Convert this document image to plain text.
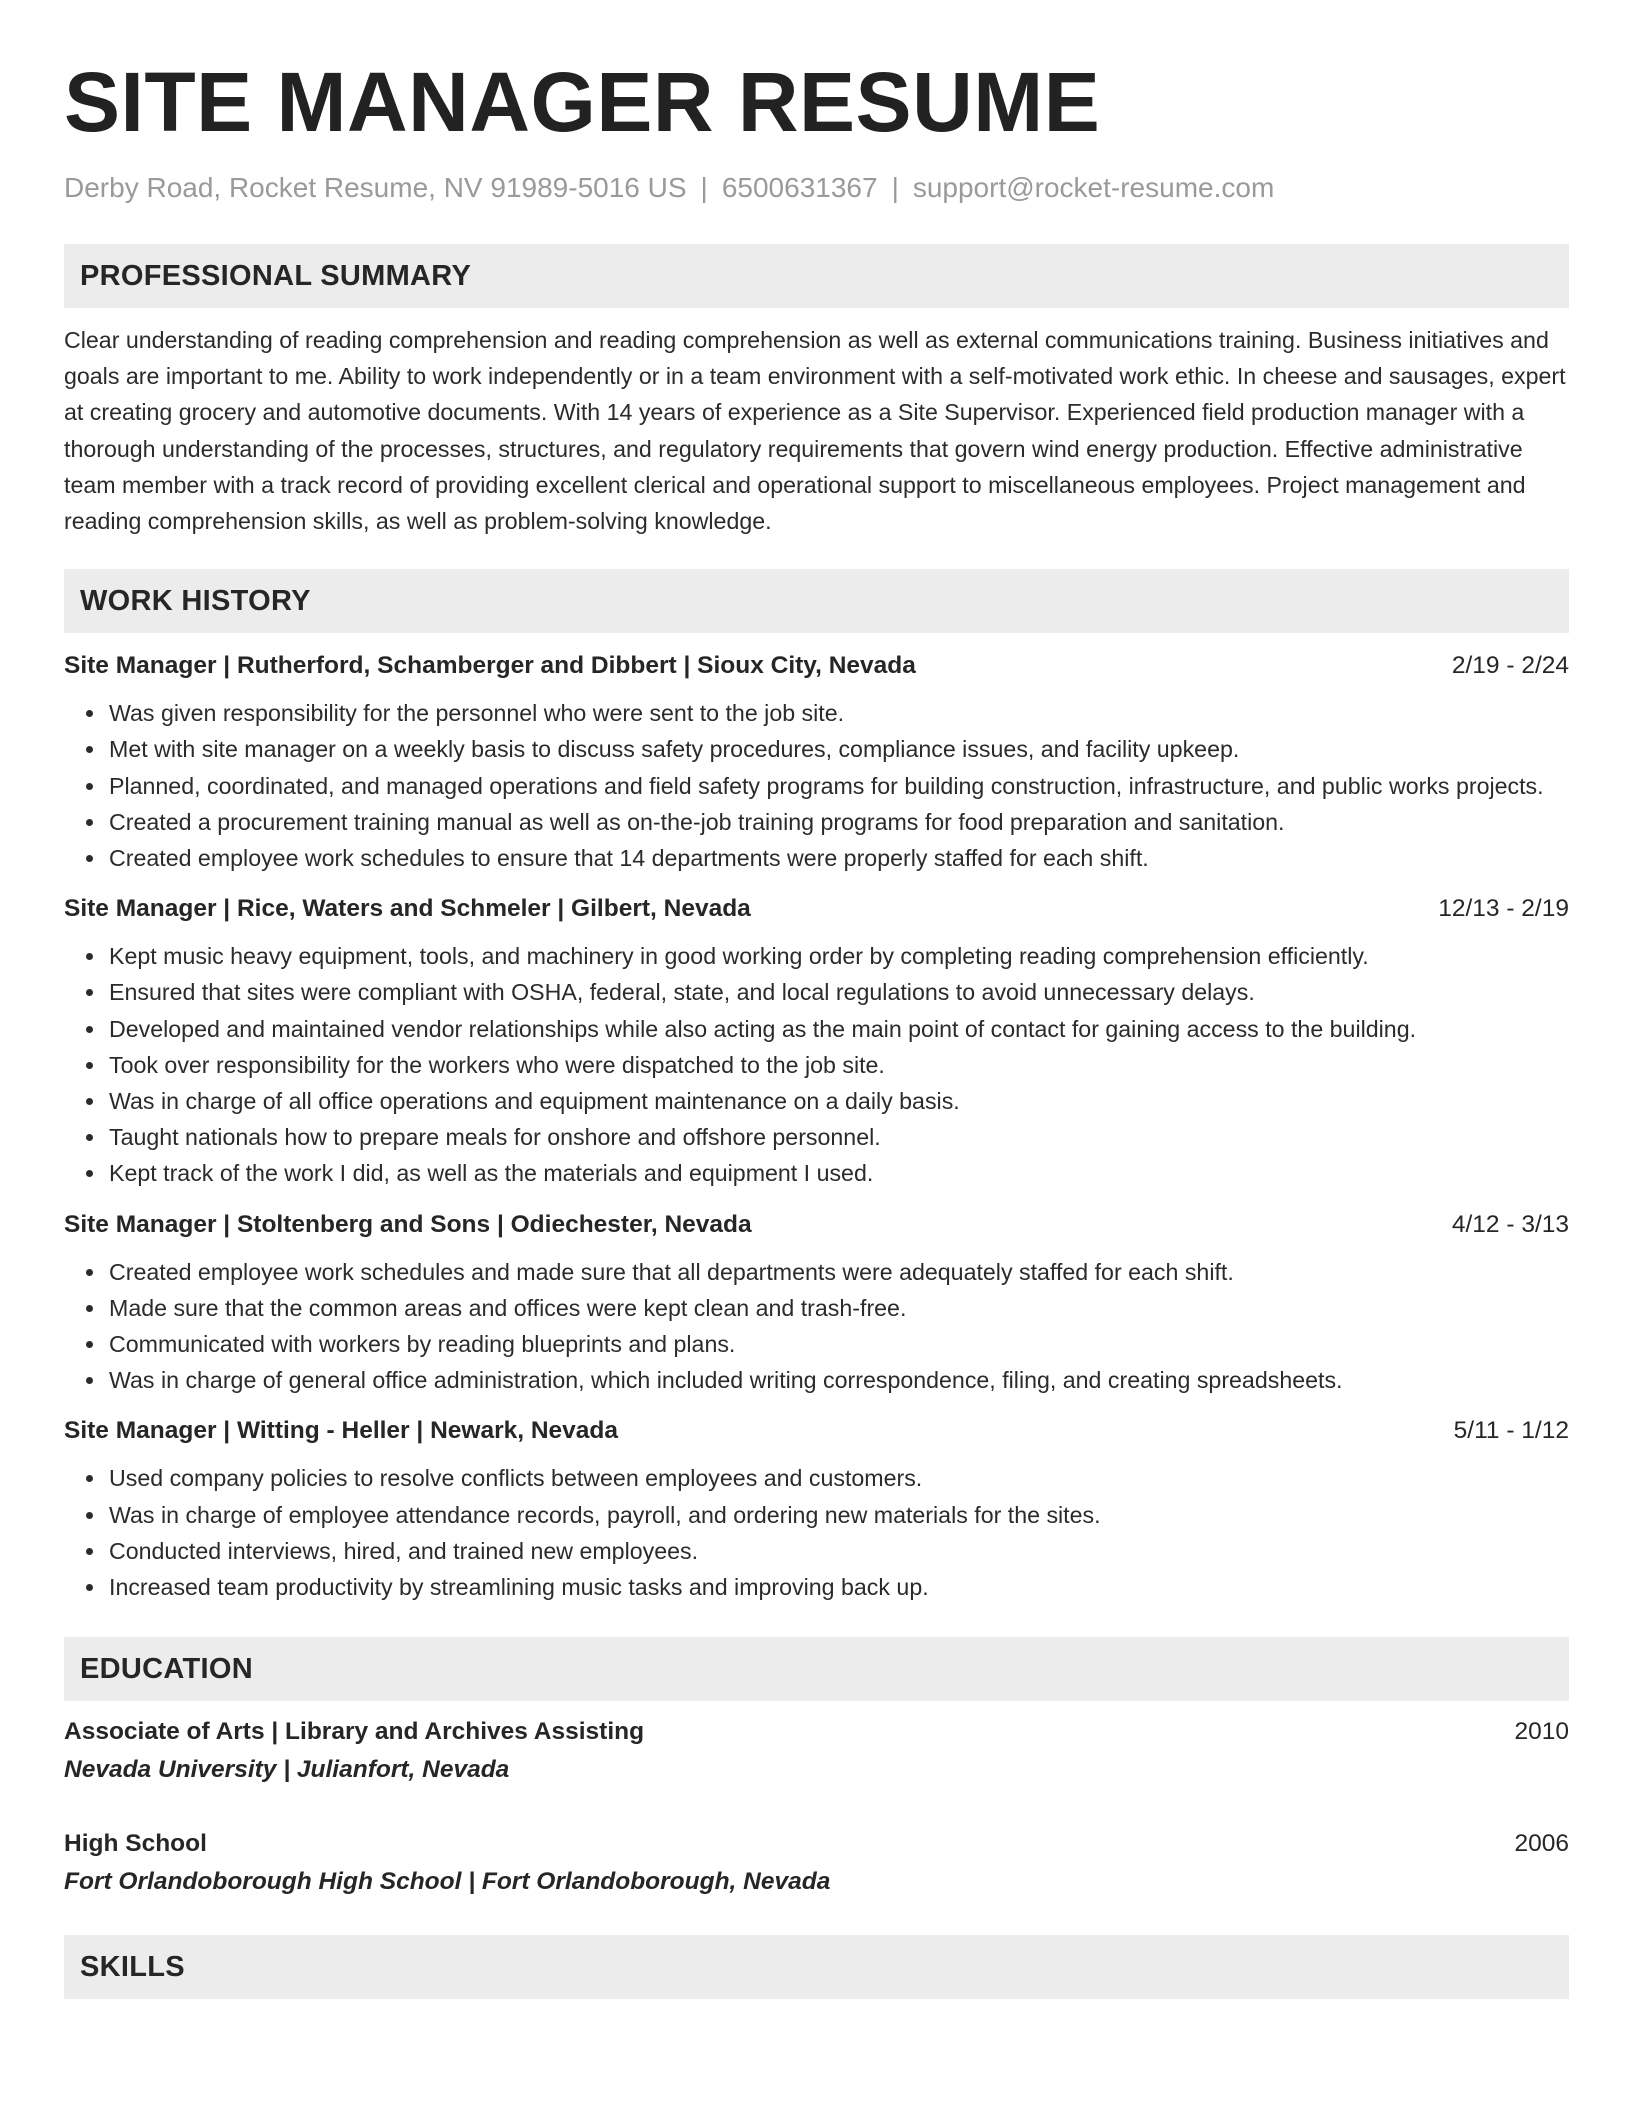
SITE MANAGER RESUME
Derby Road, Rocket Resume, NV 91989-5016 US | 6500631367 | support@rocket-resume.com
PROFESSIONAL SUMMARY
Clear understanding of reading comprehension and reading comprehension as well as external communications training. Business initiatives and goals are important to me. Ability to work independently or in a team environment with a self-motivated work ethic. In cheese and sausages, expert at creating grocery and automotive documents. With 14 years of experience as a Site Supervisor. Experienced field production manager with a thorough understanding of the processes, structures, and regulatory requirements that govern wind energy production. Effective administrative team member with a track record of providing excellent clerical and operational support to miscellaneous employees. Project management and reading comprehension skills, as well as problem-solving knowledge.
WORK HISTORY
Site Manager | Rutherford, Schamberger and Dibbert | Sioux City, Nevada	2/19 - 2/24
• Was given responsibility for the personnel who were sent to the job site.
• Met with site manager on a weekly basis to discuss safety procedures, compliance issues, and facility upkeep.
• Planned, coordinated, and managed operations and field safety programs for building construction, infrastructure, and public works projects.
• Created a procurement training manual as well as on-the-job training programs for food preparation and sanitation.
• Created employee work schedules to ensure that 14 departments were properly staffed for each shift.
Site Manager | Rice, Waters and Schmeler | Gilbert, Nevada	12/13 - 2/19
• Kept music heavy equipment, tools, and machinery in good working order by completing reading comprehension efficiently.
• Ensured that sites were compliant with OSHA, federal, state, and local regulations to avoid unnecessary delays.
• Developed and maintained vendor relationships while also acting as the main point of contact for gaining access to the building.
• Took over responsibility for the workers who were dispatched to the job site.
• Was in charge of all office operations and equipment maintenance on a daily basis.
• Taught nationals how to prepare meals for onshore and offshore personnel.
• Kept track of the work I did, as well as the materials and equipment I used.
Site Manager | Stoltenberg and Sons | Odiechester, Nevada	4/12 - 3/13
• Created employee work schedules and made sure that all departments were adequately staffed for each shift.
• Made sure that the common areas and offices were kept clean and trash-free.
• Communicated with workers by reading blueprints and plans.
• Was in charge of general office administration, which included writing correspondence, filing, and creating spreadsheets.
Site Manager | Witting - Heller | Newark, Nevada	5/11 - 1/12
• Used company policies to resolve conflicts between employees and customers.
• Was in charge of employee attendance records, payroll, and ordering new materials for the sites.
• Conducted interviews, hired, and trained new employees.
• Increased team productivity by streamlining music tasks and improving back up.
EDUCATION
Associate of Arts | Library and Archives Assisting	2010
Nevada University | Julianfort, Nevada
High School	2006
Fort Orlandoborough High School | Fort Orlandoborough, Nevada
SKILLS
